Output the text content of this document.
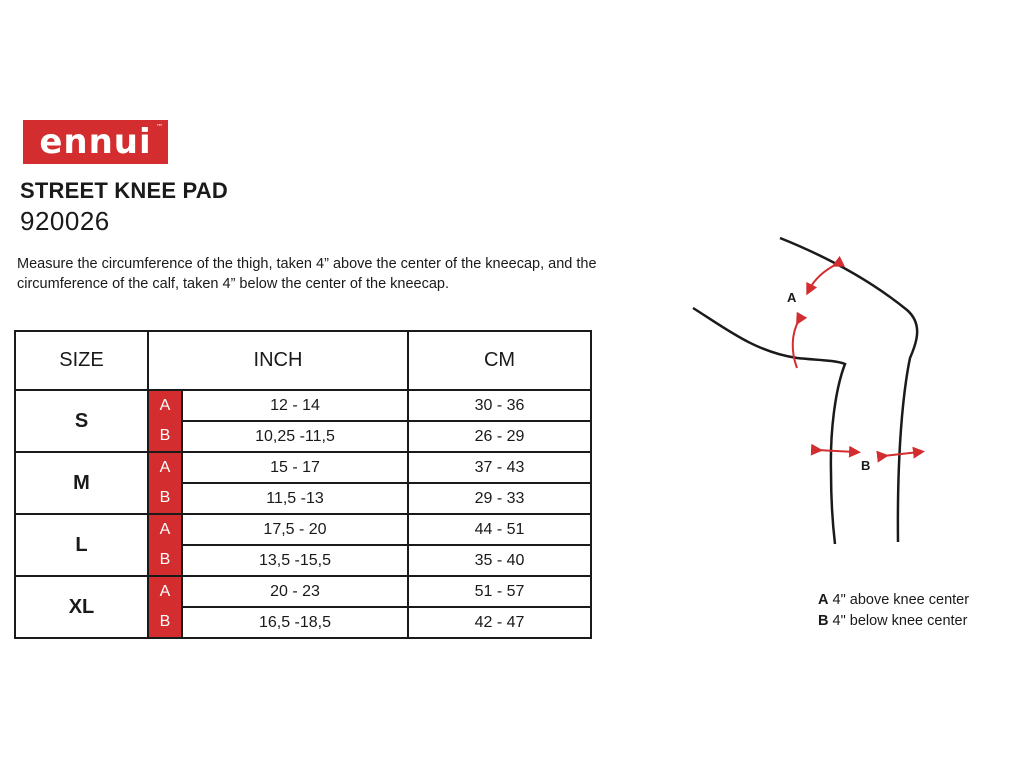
ennui ™
STREET KNEE PAD
920026
Measure the circumference of the thigh, taken 4” above the center of the kneecap, and the circumference of the calf, taken 4” below the center of the kneecap.
SIZE	INCH		CM
S	A	12 - 14	30 - 36
	B	10,25 -11,5	26 - 29
M	A	15 - 17	37 - 43
	B	11,5 -13	29 - 33
L	A	17,5 - 20	44 - 51
	B	13,5 -15,5	35 - 40
XL	A	20 - 23	51 - 57
	B	16,5 -18,5	42 - 47
A
B
A 4" above knee center
B 4" below knee center
